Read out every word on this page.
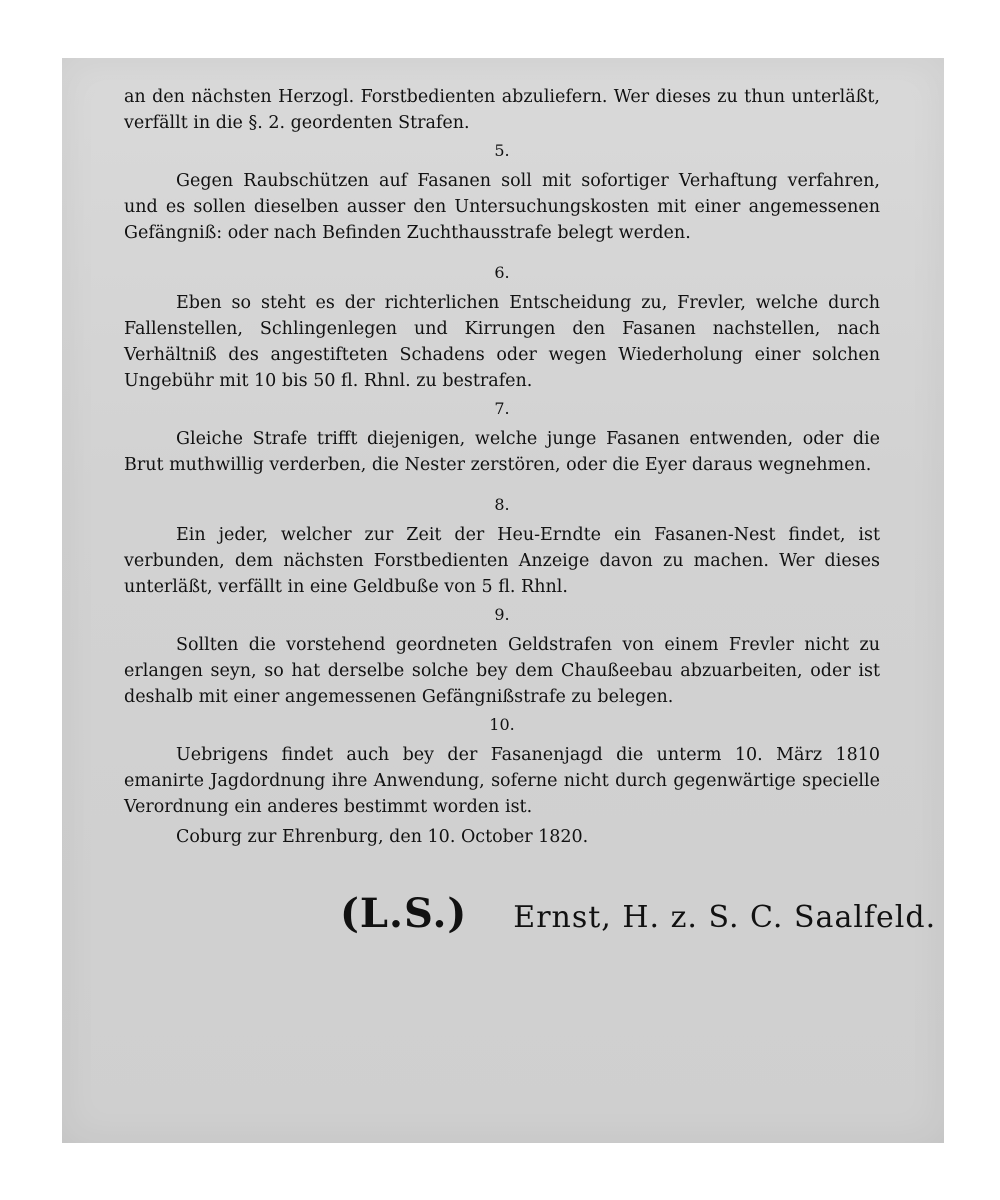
an den nächsten Herzogl. Forstbedienten abzuliefern. Wer dieses zu thun unterläßt, verfällt in die §. 2. geordenten Strafen.

5.

Gegen Raubschützen auf Fasanen soll mit sofortiger Verhaftung verfahren, und es sollen dieselben ausser den Untersuchungskosten mit einer angemessenen Gefängniß: oder nach Befinden Zuchthausstrafe belegt werden.

6.

Eben so steht es der richterlichen Entscheidung zu, Frevler, welche durch Fallenstellen, Schlingenlegen und Kirrungen den Fasanen nachstellen, nach Verhältniß des angestifteten Schadens oder wegen Wiederholung einer solchen Ungebühr mit 10 bis 50 fl. Rhnl. zu bestrafen.

7.

Gleiche Strafe trifft diejenigen, welche junge Fasanen entwenden, oder die Brut muthwillig verderben, die Nester zerstören, oder die Eyer daraus wegnehmen.

8.

Ein jeder, welcher zur Zeit der Heu-Erndte ein Fasanen-Nest findet, ist verbunden, dem nächsten Forstbedienten Anzeige davon zu machen. Wer dieses unterläßt, verfällt in eine Geldbuße von 5 fl. Rhnl.

9.

Sollten die vorstehend geordneten Geldstrafen von einem Frevler nicht zu erlangen seyn, so hat derselbe solche bey dem Chaußeebau abzuarbeiten, oder ist deshalb mit einer angemessenen Gefängnißstrafe zu belegen.

10.

Uebrigens findet auch bey der Fasanenjagd die unterm 10. März 1810 emanirte Jagdordnung ihre Anwendung, soferne nicht durch gegenwärtige specielle Verordnung ein anderes bestimmt worden ist.

Coburg zur Ehrenburg, den 10. October 1820.
(L.S.) Ernst, H. z. S. C. Saalfeld.
